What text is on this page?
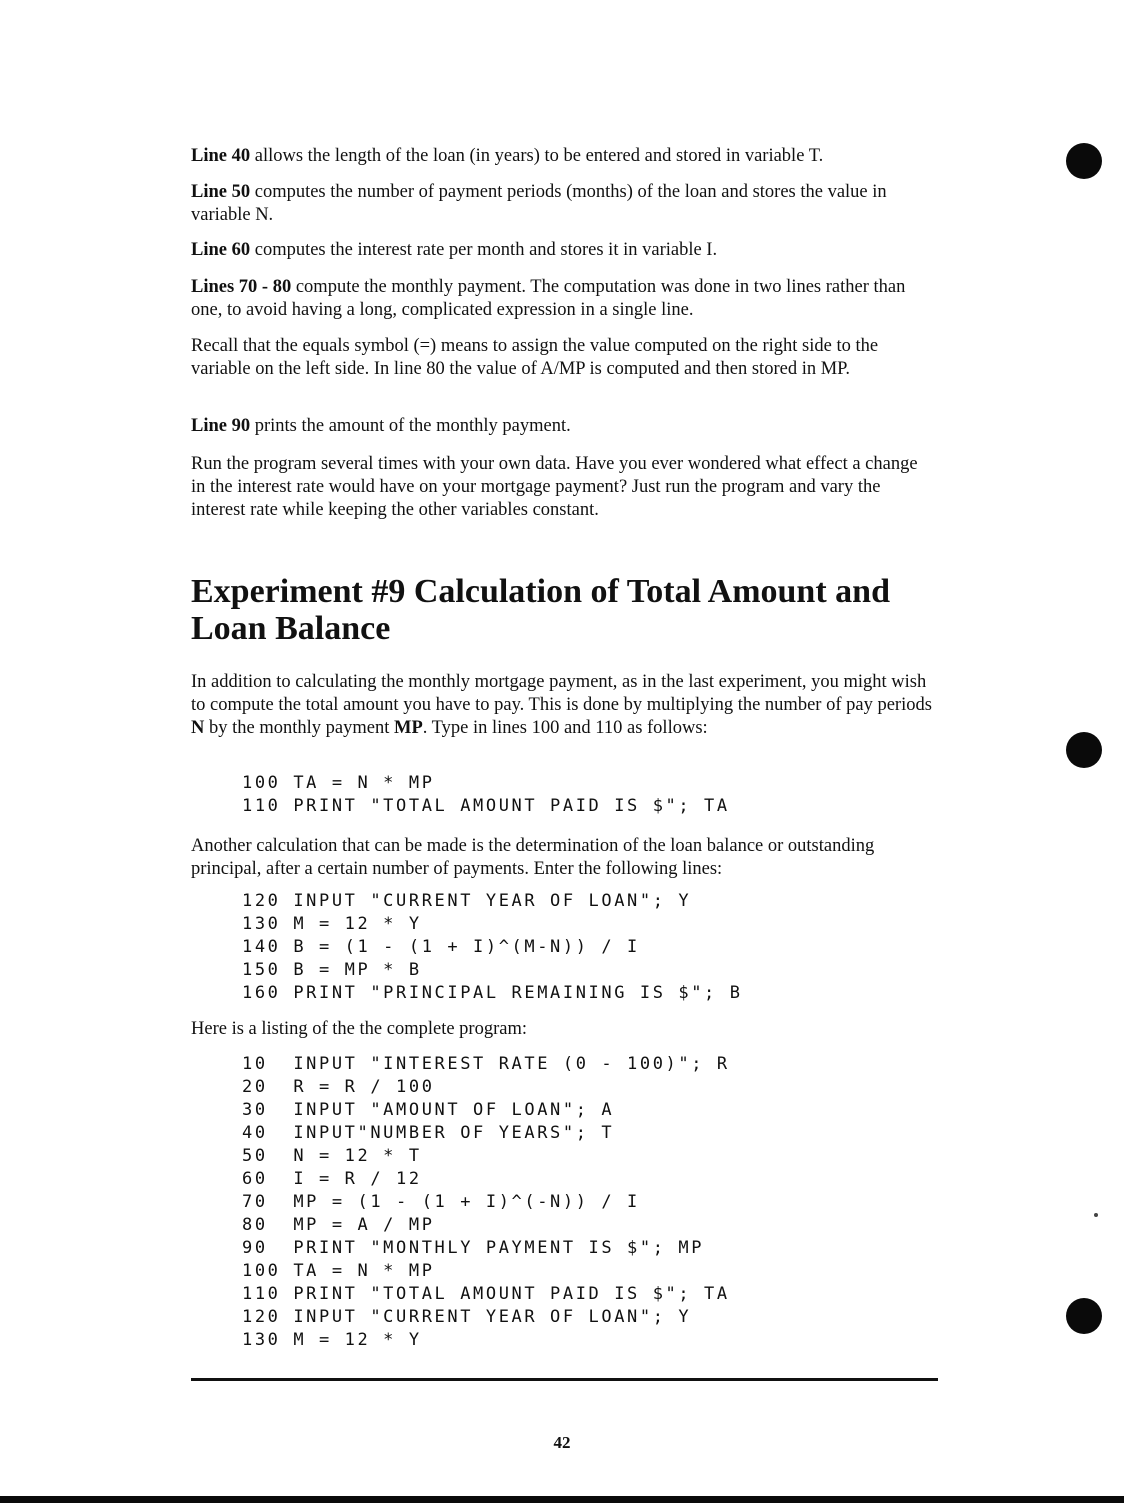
Line 40 allows the length of the loan (in years) to be entered and stored in variable T.

Line 50 computes the number of payment periods (months) of the loan and stores the value in variable N.

Line 60 computes the interest rate per month and stores it in variable I.

Lines 70 - 80 compute the monthly payment. The computation was done in two lines rather than one, to avoid having a long, complicated expression in a single line.

Recall that the equals symbol (=) means to assign the value computed on the right side to the variable on the left side. In line 80 the value of A/MP is computed and then stored in MP.

Line 90 prints the amount of the monthly payment.

Run the program several times with your own data. Have you ever wondered what effect a change in the interest rate would have on your mortgage payment? Just run the program and vary the interest rate while keeping the other variables constant.

Experiment #9 Calculation of Total Amount and Loan Balance

In addition to calculating the monthly mortgage payment, as in the last experiment, you might wish to compute the total amount you have to pay. This is done by multiplying the number of pay periods N by the monthly payment MP. Type in lines 100 and 110 as follows:

100 TA = N * MP
110 PRINT "TOTAL AMOUNT PAID IS $"; TA

Another calculation that can be made is the determination of the loan balance or outstanding principal, after a certain number of payments. Enter the following lines:

120 INPUT "CURRENT YEAR OF LOAN"; Y
130 M = 12 * Y
140 B = (1 - (1 + I)^(M-N)) / I
150 B = MP * B
160 PRINT "PRINCIPAL REMAINING IS $"; B

Here is a listing of the the complete program:

10  INPUT "INTEREST RATE (0 - 100)"; R
20  R = R / 100
30  INPUT "AMOUNT OF LOAN"; A
40  INPUT"NUMBER OF YEARS"; T
50  N = 12 * T
60  I = R / 12
70  MP = (1 - (1 + I)^(-N)) / I
80  MP = A / MP
90  PRINT "MONTHLY PAYMENT IS $"; MP
100 TA = N * MP
110 PRINT "TOTAL AMOUNT PAID IS $"; TA
120 INPUT "CURRENT YEAR OF LOAN"; Y
130 M = 12 * Y
42
